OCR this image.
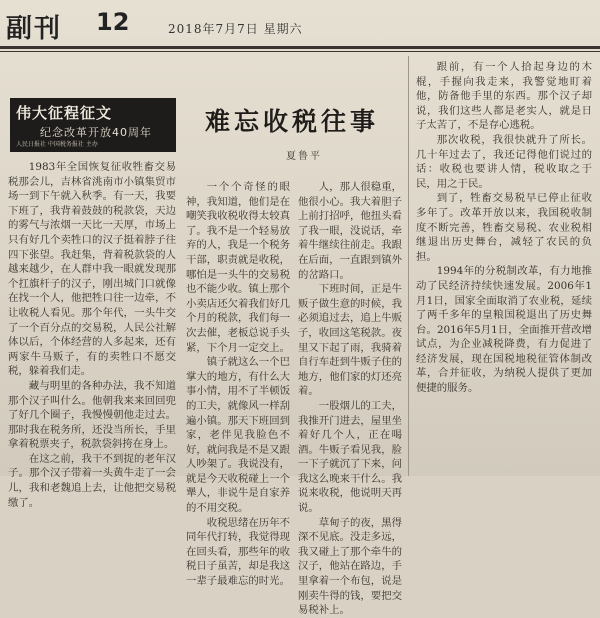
副刊 12	2018年7月7日 星期六
伟大征程征文
纪念改革开放40周年
人民日报社 中国税务报社 主办
难忘收税往事
夏鲁平

1983年全国恢复征收牲畜交易税那会儿，吉林省洮南市小镇集贸市场一到下午就入秋季。有一天，我要下班了，我背着鼓鼓的税款袋，天边的雾气与浓烟一天比一天厚，市场上只有好几个卖牲口的汉子挺着脖子往四下张望。我赶集，背着税款袋的人越来越少，在人群中我一眼就发现那个扛旗杆子的汉子，刚出城门口就像在找一个人，他把牲口往一边牵，不让收税人看见。那个年代，一头牛交了一个百分点的交易税，人民公社解体以后，个体经营的人多起来，还有两家牛马贩子，有的卖牲口不愿交税，躲着我们走。

藏与明里的各种办法，我不知道那个汉子叫什么。他朝我来来回回兜了好几个圈子，我慢慢朝他走过去。那时我在税务所，还没当所长，手里拿着税票夹子，税款袋斜挎在身上。

在这之前，我干不到捉的老年汉子。那个汉子带着一头黄牛走了一会儿，我和老魏追上去，让他把交易税缴了。

一个个奇怪的眼神，我知道，他们是在嘲笑我收税收得太较真了。我不是一个轻易放弃的人，我是一个税务干部，职责就是收税，哪怕是一头牛的交易税也不能少收。镇上那个小卖店还欠着我们好几个月的税款，我们每一次去催，老板总说手头紧，下个月一定交上。

镇子就这么一个巴掌大的地方，有什么大事小情，用不了半顿饭的工夫，就像风一样刮遍小镇。那天下班回到家，老伴见我脸色不好，就问我是不是又跟人吵架了。我说没有，就是今天收税碰上一个犟人，非说牛是自家养的不用交税。

收税思绪在历年不同年代打转，我觉得现在回头看，那些年的收税日子虽苦，却是我这一辈子最难忘的时光。

人，那人很稳重，他很小心。我大着胆子上前打招呼，他扭头看了我一眼，没说话，牵着牛继续往前走。我跟在后面，一直跟到镇外的岔路口。

下班时间，正是牛贩子做生意的时候，我必须追过去，追上牛贩子，收回这笔税款。夜里又下起了雨，我骑着自行车赶到牛贩子住的地方，他们家的灯还亮着。

一股烟儿的工夫，我推开门进去，屋里坐着好几个人，正在喝酒。牛贩子看见我，脸一下子就沉了下来，问我这么晚来干什么。我说来收税，他说明天再说。

草甸子的夜，黑得深不见底。没走多远，我又碰上了那个牵牛的汉子，他站在路边，手里拿着一个布包，说是刚卖牛得的钱，要把交易税补上。

跟前，有一个人拾起身边的木棍，手握向我走来，我警觉地盯着他，防备他手里的东西。那个汉子却说，我们这些人都是老实人，就是日子太苦了，不是存心逃税。

那次收税，我很快就升了所长。几十年过去了，我还记得他们说过的话：收税也要讲人情，税收取之于民，用之于民。

到了，牲畜交易税早已停止征收多年了。改革开放以来，我国税收制度不断完善，牲畜交易税、农业税相继退出历史舞台，减轻了农民的负担。

1994年的分税制改革，有力地推动了民经济持续快速发展。2006年1月1日，国家全面取消了农业税，延续了两千多年的皇粮国税退出了历史舞台。2016年5月1日，全面推开营改增试点，为企业减税降费，有力促进了经济发展，现在国税地税征管体制改革，合并征收，为纳税人提供了更加便捷的服务。
